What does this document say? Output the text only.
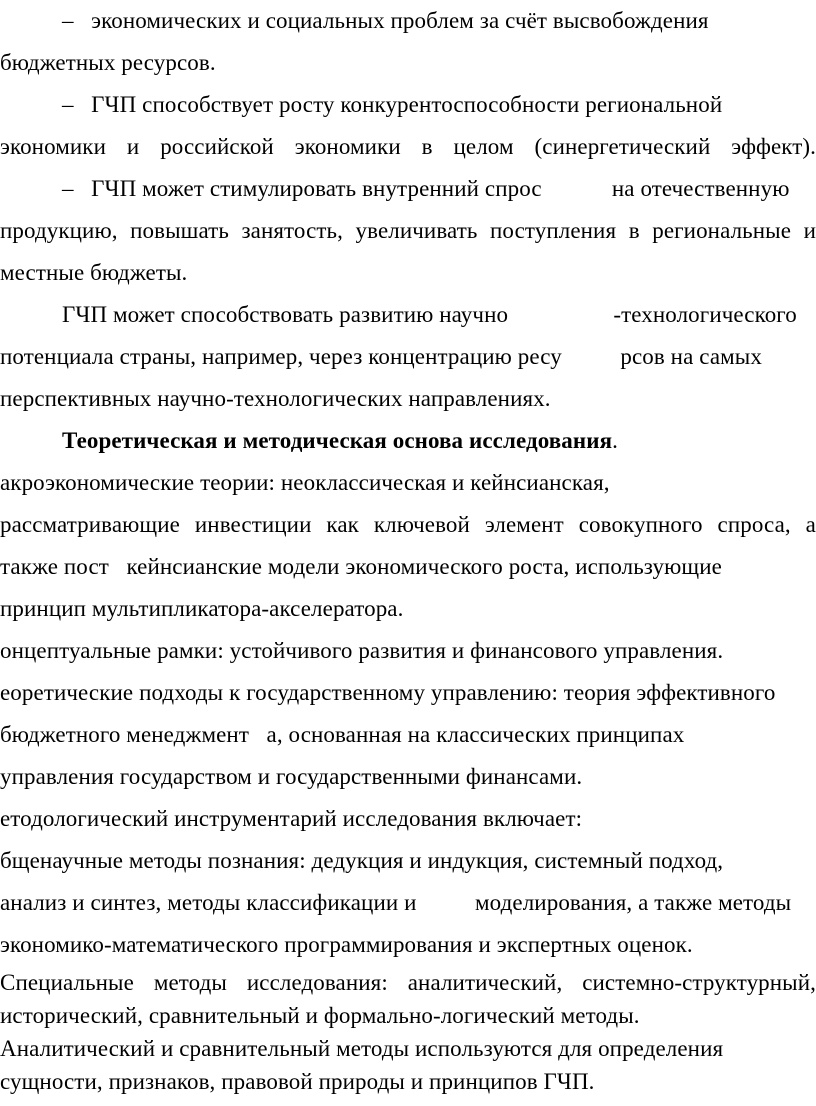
–   экономических и социальных проблем за счёт высвобождения
бюджетных ресурсов.
–   ГЧП способствует росту конкурентоспособности региональной
экономики и российской экономики в целом (синергетический эффект).
–   ГЧП может стимулировать внутренний спрос            на отечественную
продукцию, повышать занятость, увеличивать поступления в региональные и
местные бюджеты.
ГЧП может способствовать развитию научно                  -технологического
потенциала страны, например, через концентрацию ресу          рсов на самых
перспективных научно-технологических направлениях.
Теоретическая и методическая основа исследования.
акроэкономические теории: неоклассическая и кейнсианская,
рассматривающие инвестиции как ключевой элемент совокупного спроса, а
также пост   кейнсианские модели экономического роста, использующие
принцип мультипликатора-акселератора.
онцептуальные рамки: устойчивого развития и финансового управления.
еоретические подходы к государственному управлению: теория эффективного
бюджетного менеджмент   а, основанная на классических принципах
управления государством и государственными финансами.
етодологический инструментарий исследования включает:
бщенаучные методы познания: дедукция и индукция, системный подход,
анализ и синтез, методы классификации и          моделирования, а также методы
экономико-математического программирования и экспертных оценок.
Специальные методы исследования: аналитический, системно-структурный,
исторический, сравнительный и формально-логический методы.
Аналитический и сравнительный методы используются для определения
сущности, признаков, правовой природы и принципов ГЧП.
